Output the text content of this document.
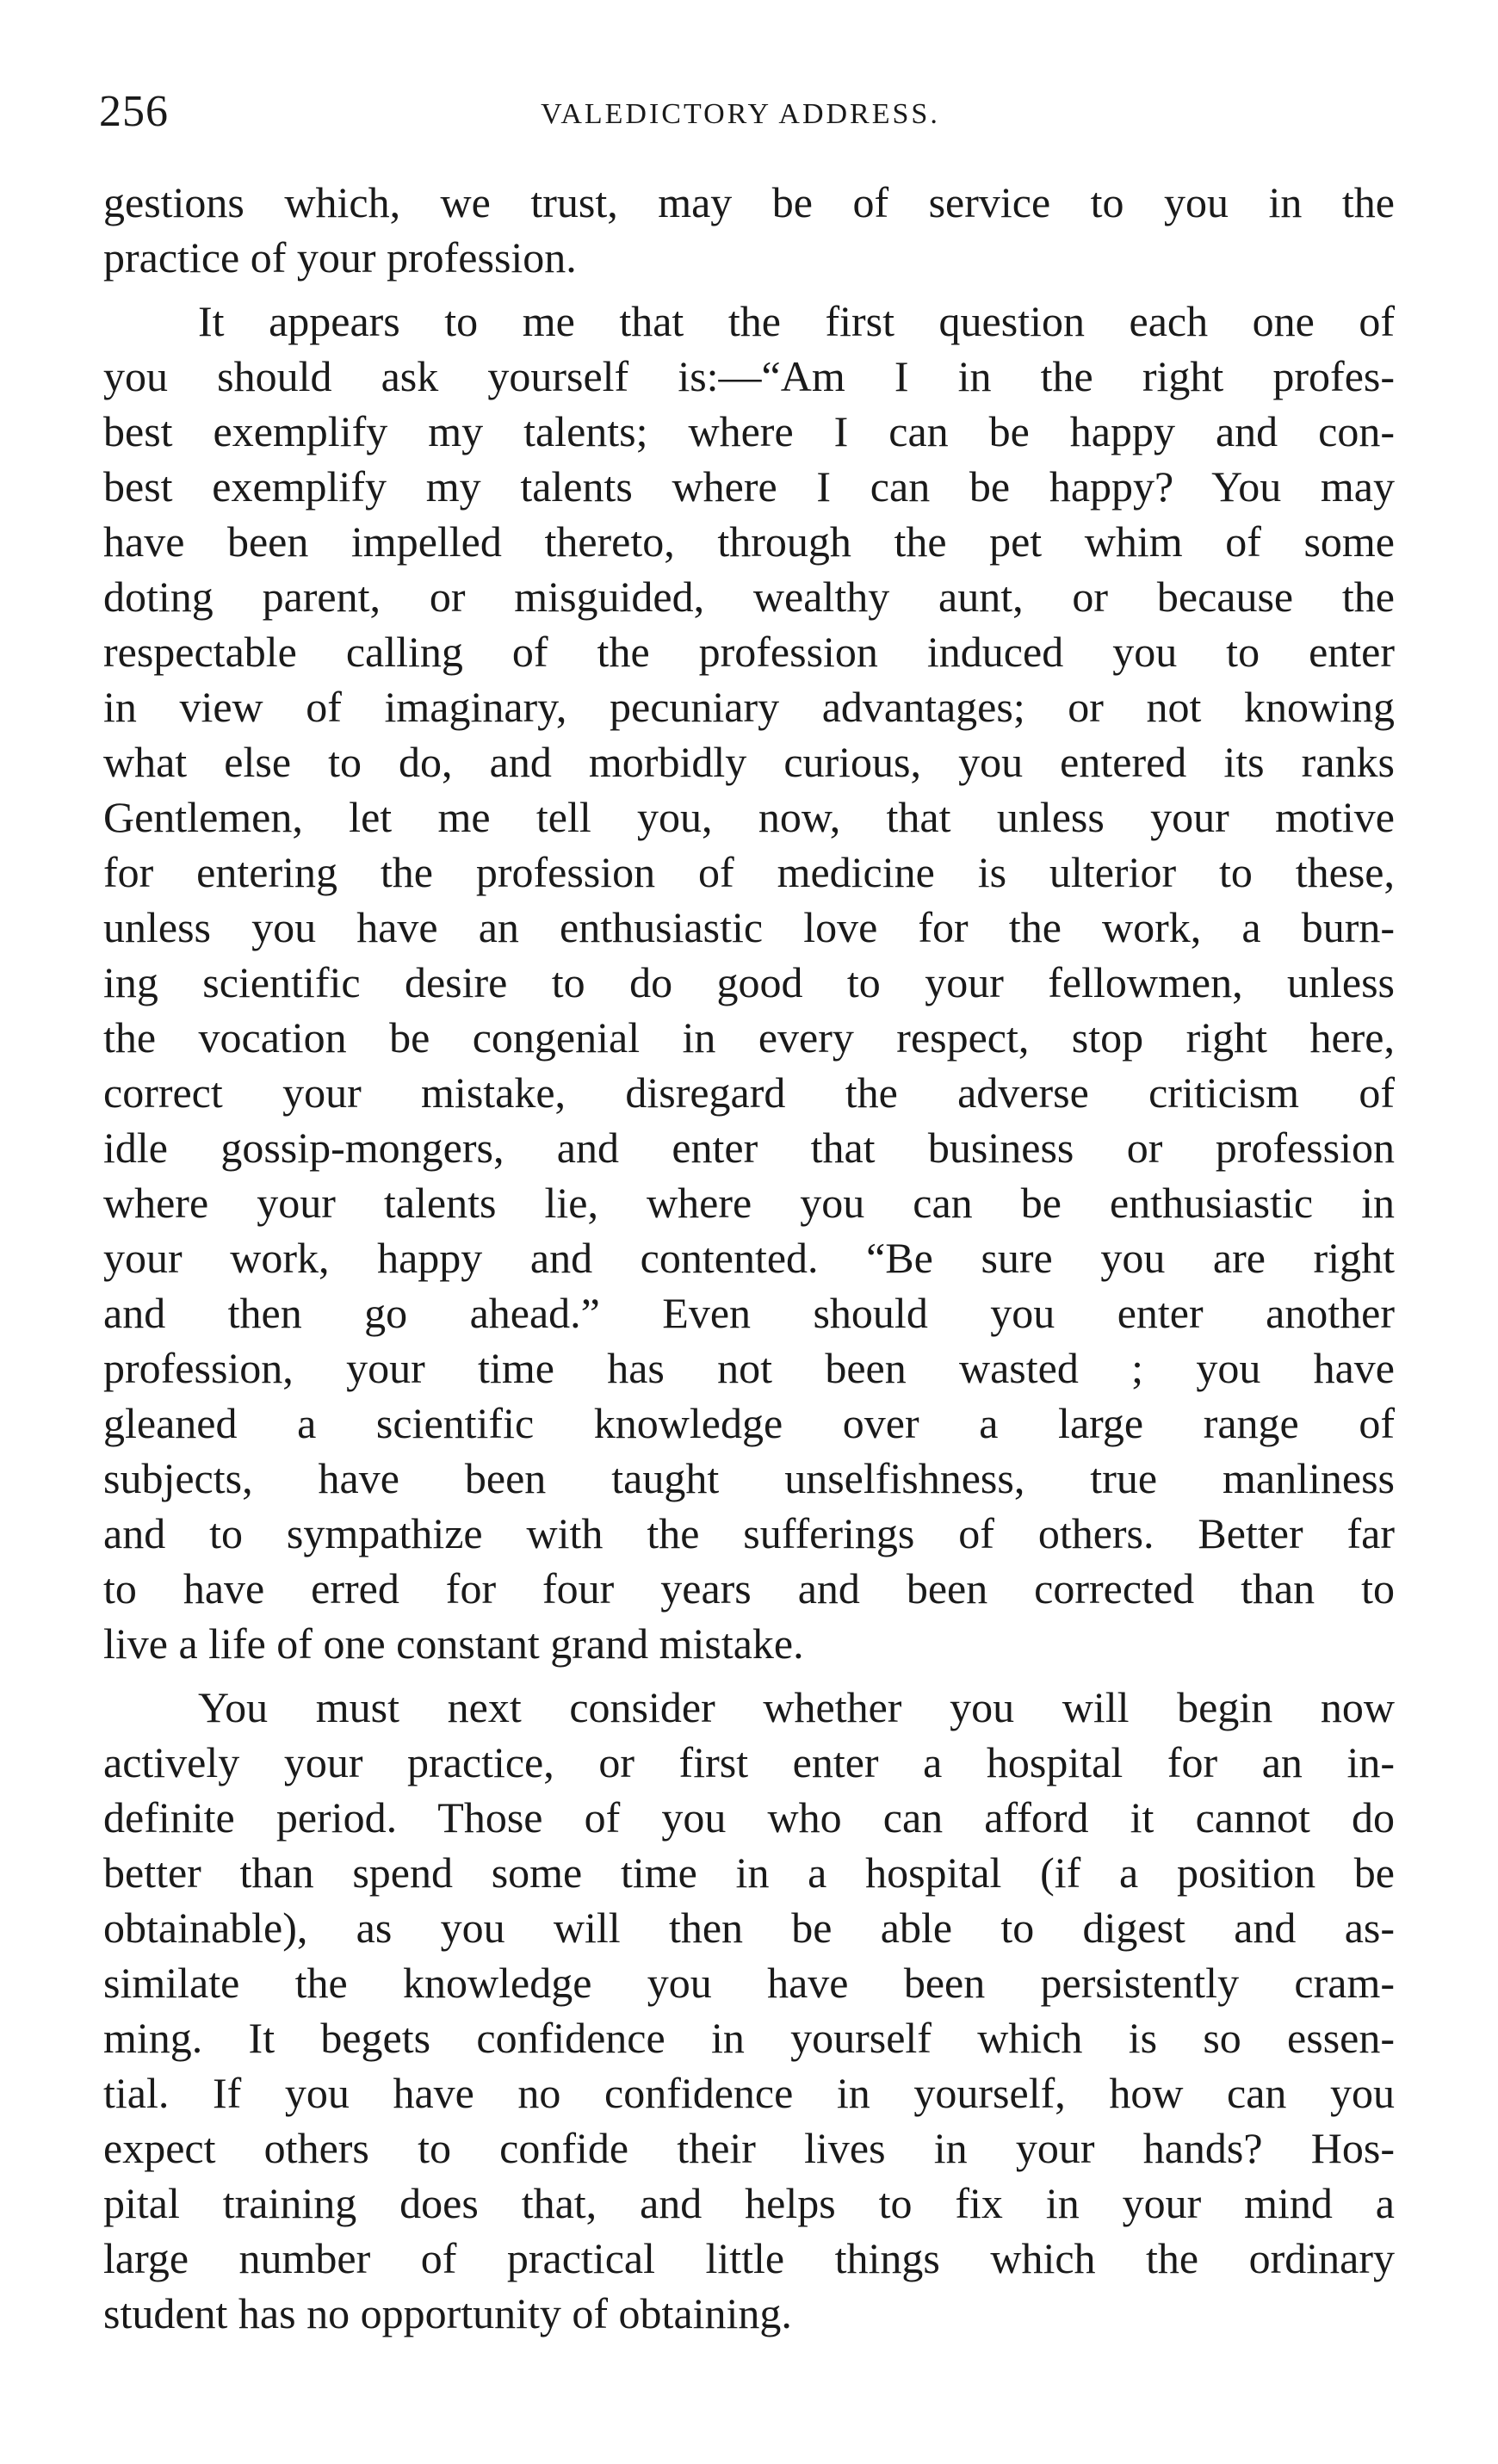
256	VALEDICTORY ADDRESS.
gestions which, we trust, may be of service to you in the
practice of your profession.
It appears to me that the first question each one of
you should ask yourself is:—“Am I in the right profes-
best exemplify my talents; where I can be happy and con-
best exemplify my talents where I can be happy? You may
have been impelled thereto, through the pet whim of some
doting parent, or misguided, wealthy aunt, or because the
respectable calling of the profession induced you to enter
in view of imaginary, pecuniary advantages; or not knowing
what else to do, and morbidly curious, you entered its ranks
Gentlemen, let me tell you, now, that unless your motive
for entering the profession of medicine is ulterior to these,
unless you have an enthusiastic love for the work, a burn-
ing scientific desire to do good to your fellowmen, unless
the vocation be congenial in every respect, stop right here,
correct your mistake, disregard the adverse criticism of
idle gossip-mongers, and enter that business or profession
where your talents lie, where you can be enthusiastic in
your work, happy and contented. “Be sure you are right
and then go ahead.” Even should you enter another
profession, your time has not been wasted ; you have
gleaned a scientific knowledge over a large range of
subjects, have been taught unselfishness, true manliness
and to sympathize with the sufferings of others. Better far
to have erred for four years and been corrected than to
live a life of one constant grand mistake.
You must next consider whether you will begin now
actively your practice, or first enter a hospital for an in-
definite period. Those of you who can afford it cannot do
better than spend some time in a hospital (if a position be
obtainable), as you will then be able to digest and as-
similate the knowledge you have been persistently cram-
ming. It begets confidence in yourself which is so essen-
tial. If you have no confidence in yourself, how can you
expect others to confide their lives in your hands? Hos-
pital training does that, and helps to fix in your mind a
large number of practical little things which the ordinary
student has no opportunity of obtaining.
